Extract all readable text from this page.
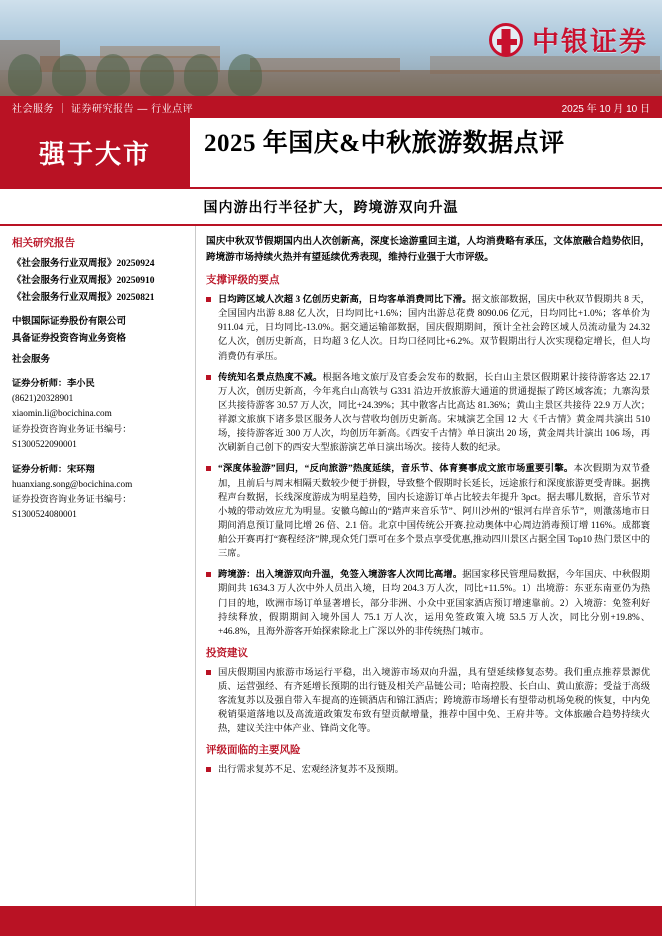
中银证券
社会服务 ｜ 证券研究报告 — 行业点评	2025 年 10 月 10 日
强于大市	2025 年国庆&中秋旅游数据点评
国内游出行半径扩大，跨境游双向升温
相关研究报告
《社会服务行业双周报》20250924
《社会服务行业双周报》20250910
《社会服务行业双周报》20250821
中银国际证券股份有限公司
具备证券投资咨询业务资格
社会服务
证券分析师：李小民
(8621)20328901
xiaomin.li@bocichina.com
证券投资咨询业务证书编号：S1300522090001
证券分析师：宋环翔
huanxiang.song@bocichina.com
证券投资咨询业务证书编号：S1300524080001
国庆中秋双节假期国内出人次创新高，深度长途游重回主道，人均消费略有承压，文体旅融合趋势依旧，跨境游市场持续火热并有望延续优秀表现，维持行业强于大市评级。
支撑评级的要点
日均跨区域人次超 3 亿创历史新高，日均客单消费同比下滑。据文旅部数据，国庆中秋双节假期共 8 天，全国国内出游 8.88 亿人次，日均同比+1.6%；国内出游总花费 8090.06 亿元，日均同比+1.0%；客单价为 911.04 元，日均同比-13.0%。据交通运输部数据，国庆假期期间，预计全社会跨区域人员流动量为 24.32 亿人次，创历史新高，日均超 3 亿人次。日均口径同比+6.2%。双节假期出行人次实现稳定增长，但人均消费仍有承压。
传统知名景点热度不减。根据各地文旅厅及官委会发布的数据，长白山主景区假期累计接待游客达 22.17 万人次，创历史新高，今年兆白山高铁与 G331 沿边开放旅游大通道的贯通提振了跨区域客流；九寨沟景区共接待游客 30.57 万人次，同比+24.39%；其中散客占比高达 81.36%；黄山主景区共接待 22.9 万人次；祥源文旅旗下诸多景区服务人次与营收均创历史新高。宋城演艺全国 12 大《千古情》黄金周共演出 510 场，接待游客近 300 万人次，均创历年新高。《西安千古情》单日演出 20 场，黄金周共计演出 106 场，再次刷新自己创下的西安大型旅游演艺单日演出场次。接待人数的纪录。
“深度体验游”回归，“反向旅游”热度延续，音乐节、体育赛事成文旅市场重要引擎。本次假期为双节叠加，且前后与周末相隔天数较少便于拼假，导致整个假期时长延长，远途旅行和深度旅游更受青睐。据携程声台数据，长线深度游成为明星趋势，国内长途游订单占比较去年提升 3pct。据去哪儿数据，音乐节对小城的带动效应尤为明显。安徽乌鲸山的“踏声来音乐节”、阿川沙州的“银河右岸音乐节”，则激荡地市日期间消息预订量同比增 26 倍、2.1 倍。北京中国传统公开赛.拉动奥体中心周边消毒预订增 116%。成都寰舶公开赛再打“赛程经济”牌,现众凭门票可在多个景点享受优惠,推动四川景区占据全国 Top10 热门景区中的三席。
跨境游：出入境游双向升温，免签入境游客人次同比高增。据国家移民管理局数据，今年国庆、中秋假期期间共 1634.3 万人次中外人员出入境，日均 204.3 万人次，同比+11.5%。1）出境游：东亚东南亚仍为热门目的地，欧洲市场订单显著增长，部分非洲、小众中亚国家酒店预订增速靠前。2）入境游：免签利好持续释放，假期期间入境外国人 75.1 万人次，运用免签政策入境 53.5 万人次，同比分别+19.8%、+46.8%，且海外游客开始探索除北上广深以外的非传统热门城市。
投资建议
国庆假期国内旅游市场运行平稳，出入境游市场双向升温，具有望延续修复态势。我们重点推荐景源优质、运营强经、有齐延增长预期的出行链及相关产品链公司；哈南控股、长白山、黄山旅游；受益于高级客流复苏以及强自带入车提高的连锁酒店和锦江酒店；跨境游市场增长有望带动机场免税的恢复，中内免税销渠道落地以及高流道政策发布致有望贡献增量，推荐中国中免、王府井等。文体旅融合趋势持续火热，建议关注中体产业、锋尚文化等。
评级面临的主要风险
出行需求复苏不足、宏观经济复苏不及预期。
